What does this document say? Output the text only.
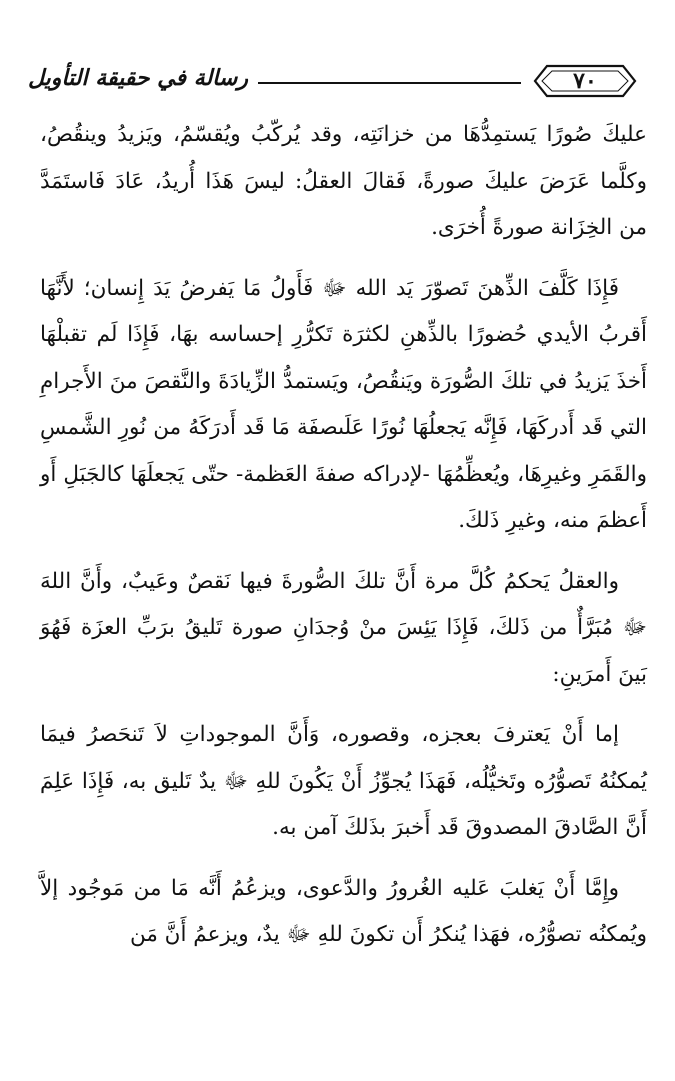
٧٠
رسالة في حقيقة التأويل

عليكَ صُورًا يَستمِدُّهَا من خزانَتِه، وقد يُركّبُ ويُقسّمُ، ويَزيدُ وينقُصُ، وكلَّما عَرَضَ عليكَ صورةً، فَقالَ العقلُ: ليسَ هَذَا أُريدُ، عَادَ فَاستَمَدَّ من الخِزَانة صورةً أُخرَى.

فَإِذَا كَلَّفَ الذِّهنَ تَصوّرَ يَد الله ﷻ فَأَولُ مَا يَفرضُ يَدَ إِنسان؛ لأَنَّهَا أَقربُ الأيدي حُضورًا بالذِّهنِ لكثرَة تَكرُّرِ إحساسه بهَا، فَإِذَا لَم تقبلْهَا أَخذَ يَزيدُ في تلكَ الصُّورَة ويَنقُصُ، ويَستمدُّ الزِّيادَةَ والنَّقصَ منَ الأَجرامِ التي قَد أَدركَهَا، فَإِنَّه يَجعلُهَا نُورًا عَلَىصفَة مَا قَد أَدرَكَهُ من نُورِ الشَّمسِ والقَمَرِ وغيرِهَا، ويُعظِّمُهَا -لإدراكه صفةَ العَظمة- حتّى يَجعلَهَا كالجَبَلِ أَو أَعظمَ منه، وغيرِ ذَلكَ.

والعقلُ يَحكمُ كُلَّ مرة أَنَّ تلكَ الصُّورةَ فيها نَقصٌ وعَيبٌ، وأَنَّ اللهَ ﷻ مُبَرَّأٌ من ذَلكَ، فَإِذَا يَئِسَ منْ وُجدَانِ صورة تَليقُ برَبِّ العزَة فَهُوَ بَينَ أَمرَينِ:

إما أَنْ يَعترفَ بعجزه، وقصوره، وَأَنَّ الموجوداتِ لاَ تَنحَصرُ فيمَا يُمكنُهُ تَصوُّرُه وتَخيُّلُه، فَهَذَا يُجوِّزُ أَنْ يَكُونَ للهِ ﷻ يدٌ تَليق به، فَإِذَا عَلِمَ أَنَّ الصَّادقَ المصدوقَ قَد أَخبرَ بذَلكَ آمن به.

وإِمَّا أَنْ يَغلبَ عَليه الغُرورُ والدَّعوى، ويزعُمُ أَنَّه مَا من مَوجُود إلاَّ ويُمكنُه تصوُّرُه، فهَذا يُنكرُ أَن تكونَ للهِ ﷻ يدٌ، ويزعمُ أَنَّ مَن
